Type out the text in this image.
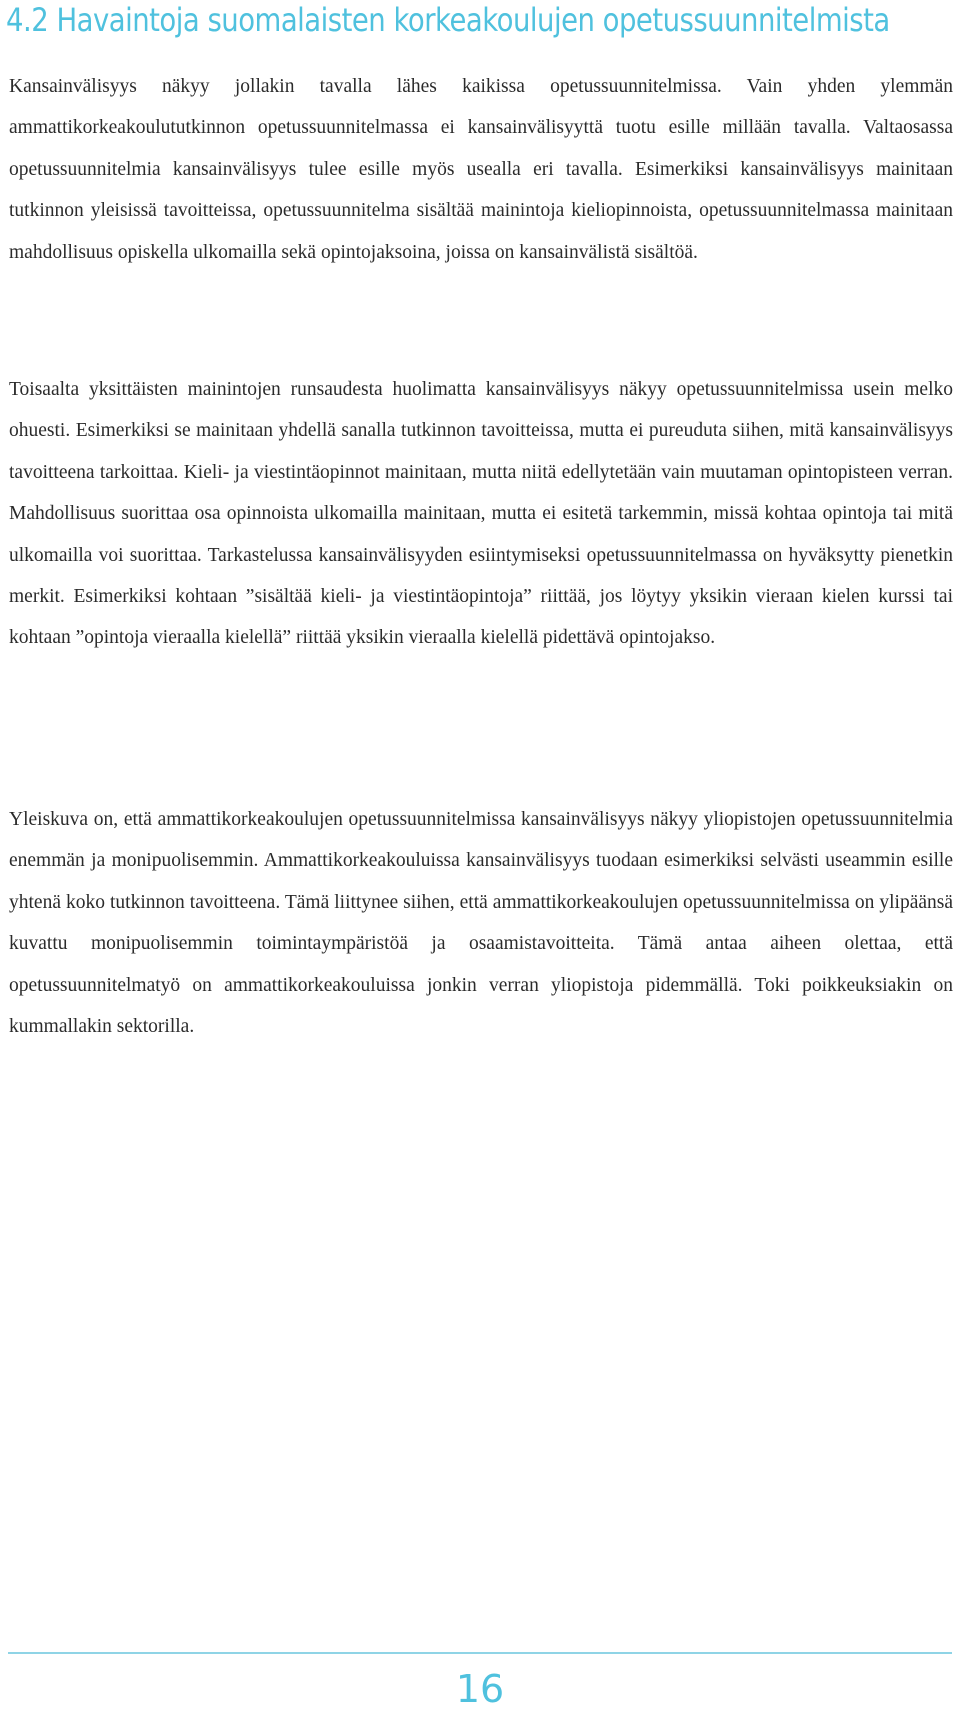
4.2 Havaintoja suomalaisten korkeakoulujen opetussuunnitelmista

Kansainvälisyys näkyy jollakin tavalla lähes kaikissa opetussuunnitelmissa. Vain yhden ylemmän ammattikorkeakoulututkinnon opetussuunnitelmassa ei kansainvälisyyttä tuotu esille millään tavalla. Valtaosassa opetussuunnitelmia kansainvälisyys tulee esille myös usealla eri tavalla. Esimerkiksi kansainvälisyys mainitaan tutkinnon yleisissä tavoitteissa, opetussuunnitelma sisältää mainintoja kieliopinnoista, opetussuunnitelmassa mainitaan mahdollisuus opiskella ulkomailla sekä opintojaksoina, joissa on kansainvälistä sisältöä.

Toisaalta yksittäisten mainintojen runsaudesta huolimatta kansainvälisyys näkyy opetussuunnitelmissa usein melko ohuesti. Esimerkiksi se mainitaan yhdellä sanalla tutkinnon tavoitteissa, mutta ei pureuduta siihen, mitä kansainvälisyys tavoitteena tarkoittaa. Kieli- ja viestintäopinnot mainitaan, mutta niitä edellytetään vain muutaman opintopisteen verran. Mahdollisuus suorittaa osa opinnoista ulkomailla mainitaan, mutta ei esitetä tarkemmin, missä kohtaa opintoja tai mitä ulkomailla voi suorittaa. Tarkastelussa kansainvälisyyden esiintymiseksi opetussuunnitelmassa on hyväksytty pienetkin merkit. Esimerkiksi kohtaan ”sisältää kieli- ja viestintäopintoja” riittää, jos löytyy yksikin vieraan kielen kurssi tai kohtaan ”opintoja vieraalla kielellä” riittää yksikin vieraalla kielellä pidettävä opintojakso.

Yleiskuva on, että ammattikorkeakoulujen opetussuunnitelmissa kansainvälisyys näkyy yliopistojen opetussuunnitelmia enemmän ja monipuolisemmin. Ammattikorkeakouluissa kansainvälisyys tuodaan esimerkiksi selvästi useammin esille yhtenä koko tutkinnon tavoitteena. Tämä liittynee siihen, että ammattikorkeakoulujen opetussuunnitelmissa on ylipäänsä kuvattu monipuolisemmin toimintaympäristöä ja osaamistavoitteita. Tämä antaa aiheen olettaa, että opetussuunnitelmatyö on ammattikorkeakouluissa jonkin verran yliopistoja pidemmällä. Toki poikkeuksiakin on kummallakin sektorilla.

16
